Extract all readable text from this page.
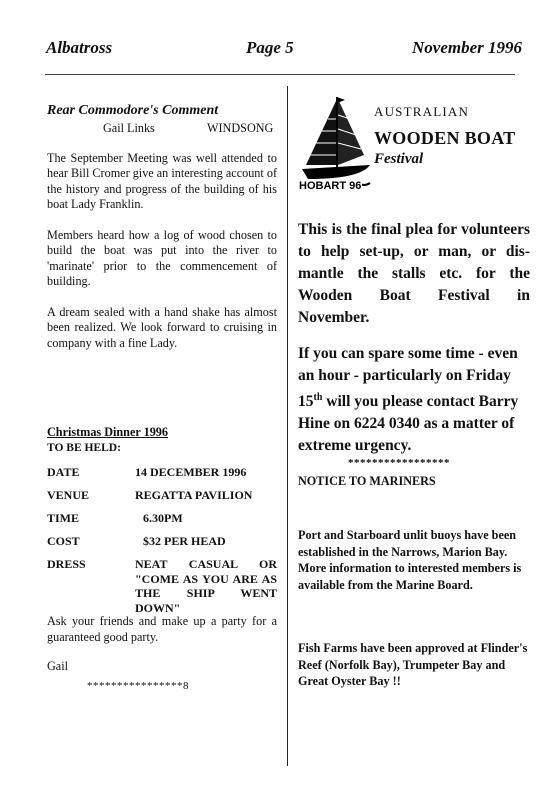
Albatross	Page 5	November 1996
Rear Commodore's Comment
Gail Links	WINDSONG

The September Meeting was well attended to hear Bill Cromer give an interesting account of the history and progress of the building of his boat Lady Franklin.

Members heard how a log of wood chosen to build the boat was put into the river to 'marinate' prior to the commencement of building.

A dream sealed with a hand shake has almost been realized. We look forward to cruising in company with a fine Lady.

Christmas Dinner 1996
TO BE HELD:
DATE	14 DECEMBER 1996
VENUE	REGATTA PAVILION
TIME	6.30PM
COST	$32 PER HEAD
DRESS	NEAT CASUAL OR "COME AS YOU ARE AS THE SHIP WENT DOWN"

Ask your friends and make up a party for a guaranteed good party.

Gail
****************8
HOBART 96
AUSTRALIAN
WOODEN BOAT
Festival

This is the final plea for volunteers to help set-up, or man, or dis-mantle the stalls etc. for the Wooden Boat Festival in November.

If you can spare some time - even an hour - particularly on Friday 15th will you please contact Barry Hine on 6224 0340 as a matter of extreme urgency.

*****************
NOTICE TO MARINERS

Port and Starboard unlit buoys have been established in the Narrows, Marion Bay. More information to interested members is available from the Marine Board.

Fish Farms have been approved at Flinder's Reef (Norfolk Bay), Trumpeter Bay and Great Oyster Bay !!
